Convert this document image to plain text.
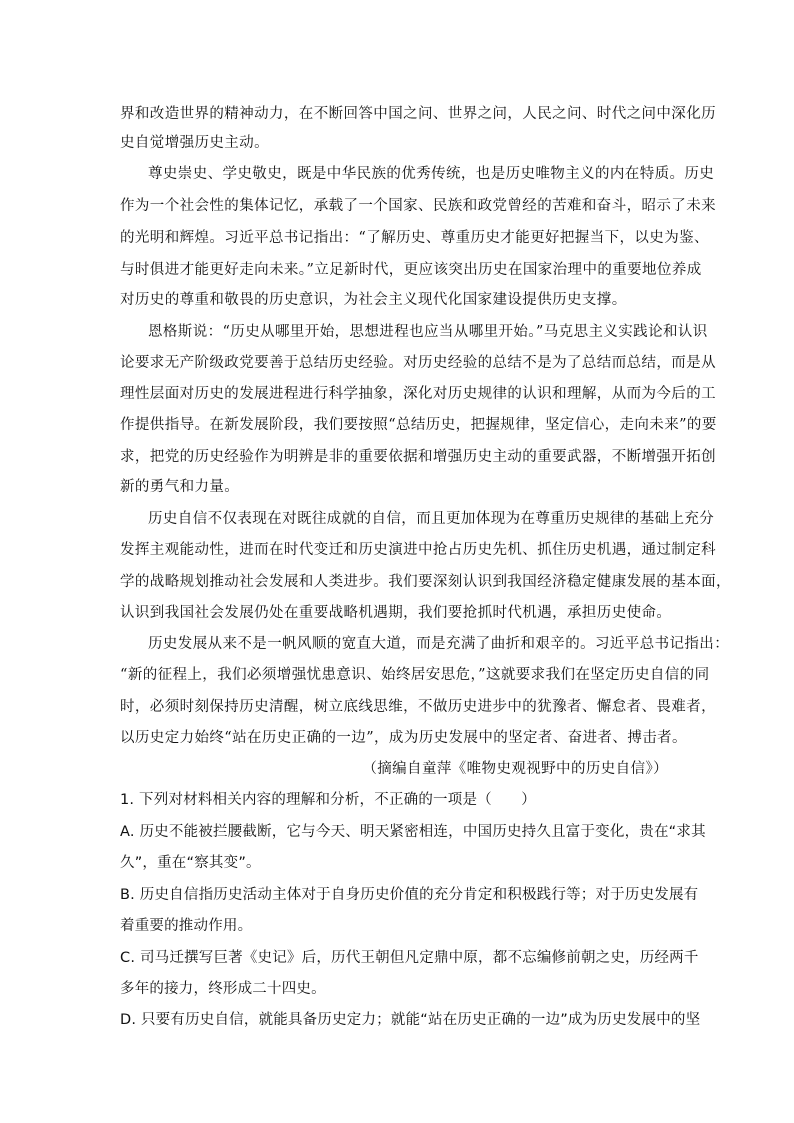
界和改造世界的精神动力，在不断回答中国之问、世界之问，人民之问、时代之问中深化历
史自觉增强历史主动。
尊史崇史、学史敬史，既是中华民族的优秀传统，也是历史唯物主义的内在特质。历史
作为一个社会性的集体记忆，承载了一个国家、民族和政党曾经的苦难和奋斗，昭示了未来
的光明和辉煌。习近平总书记指出：“了解历史、尊重历史才能更好把握当下，以史为鉴、
与时俱进才能更好走向未来。”立足新时代，更应该突出历史在国家治理中的重要地位养成
对历史的尊重和敬畏的历史意识，为社会主义现代化国家建设提供历史支撑。
恩格斯说：“历史从哪里开始，思想进程也应当从哪里开始。”马克思主义实践论和认识
论要求无产阶级政党要善于总结历史经验。对历史经验的总结不是为了总结而总结，而是从
理性层面对历史的发展进程进行科学抽象，深化对历史规律的认识和理解，从而为今后的工
作提供指导。在新发展阶段，我们要按照“总结历史，把握规律，坚定信心，走向未来”的要
求，把党的历史经验作为明辨是非的重要依据和增强历史主动的重要武器，不断增强开拓创
新的勇气和力量。
历史自信不仅表现在对既往成就的自信，而且更加体现为在尊重历史规律的基础上充分
发挥主观能动性，进而在时代变迁和历史演进中抢占历史先机、抓住历史机遇，通过制定科
学的战略规划推动社会发展和人类进步。我们要深刻认识到我国经济稳定健康发展的基本面，
认识到我国社会发展仍处在重要战略机遇期，我们要抢抓时代机遇，承担历史使命。
历史发展从来不是一帆风顺的宽直大道，而是充满了曲折和艰辛的。习近平总书记指出：
“新的征程上，我们必须增强忧患意识、始终居安思危，”这就要求我们在坚定历史自信的同
时，必须时刻保持历史清醒，树立底线思维，不做历史进步中的犹豫者、懈怠者、畏难者，
以历史定力始终“站在历史正确的一边”，成为历史发展中的坚定者、奋进者、搏击者。
（摘编自童萍《唯物史观视野中的历史自信》）
1. 下列对材料相关内容的理解和分析，不正确的一项是（　　）
A. 历史不能被拦腰截断，它与今天、明天紧密相连，中国历史持久且富于变化，贵在“求其
久”，重在“察其变”。
B. 历史自信指历史活动主体对于自身历史价值的充分肯定和积极践行等；对于历史发展有
着重要的推动作用。
C. 司马迁撰写巨著《史记》后，历代王朝但凡定鼎中原，都不忘编修前朝之史，历经两千
多年的接力，终形成二十四史。
D. 只要有历史自信，就能具备历史定力；就能“站在历史正确的一边”成为历史发展中的坚
